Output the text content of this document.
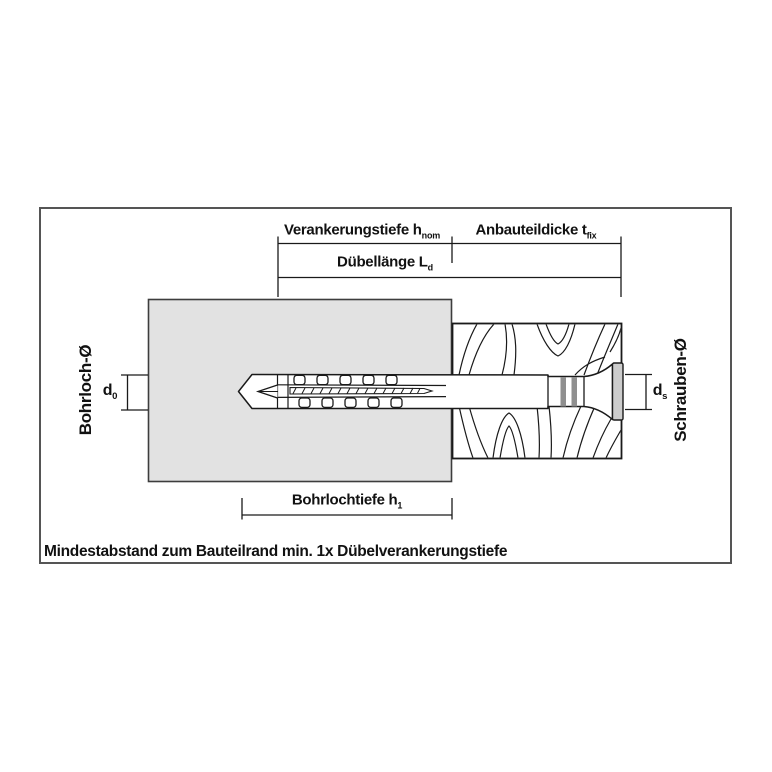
Verankerungstiefe $h_{nom}$ Anbauteildicke $t_{fix}$
Dübellänge $L_d$
Bohrlochtiefe $h_1$
Bohrloch-Ø $d_0$	Schrauben-Ø
$d_s$
Mindestabstand zum Bauteilrand min. 1x Dübelverankerungstiefe
